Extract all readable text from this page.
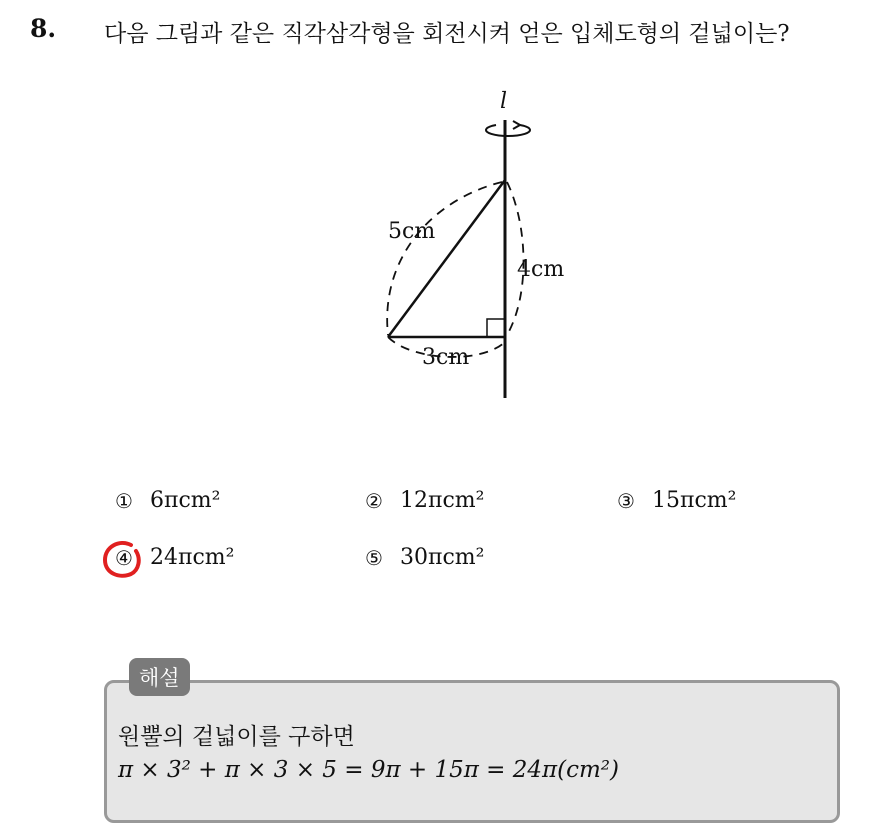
8. 다음 그림과 같은 직각삼각형을 회전시켜 얻은 입체도형의 겉넓이는?
l
5cm
4cm
3cm
① 6πcm²	② 12πcm²	③ 15πcm²
④ 24πcm²	⑤ 30πcm²
해설
원뿔의 겉넓이를 구하면
π × 3² + π × 3 × 5 = 9π + 15π = 24π(cm²)
